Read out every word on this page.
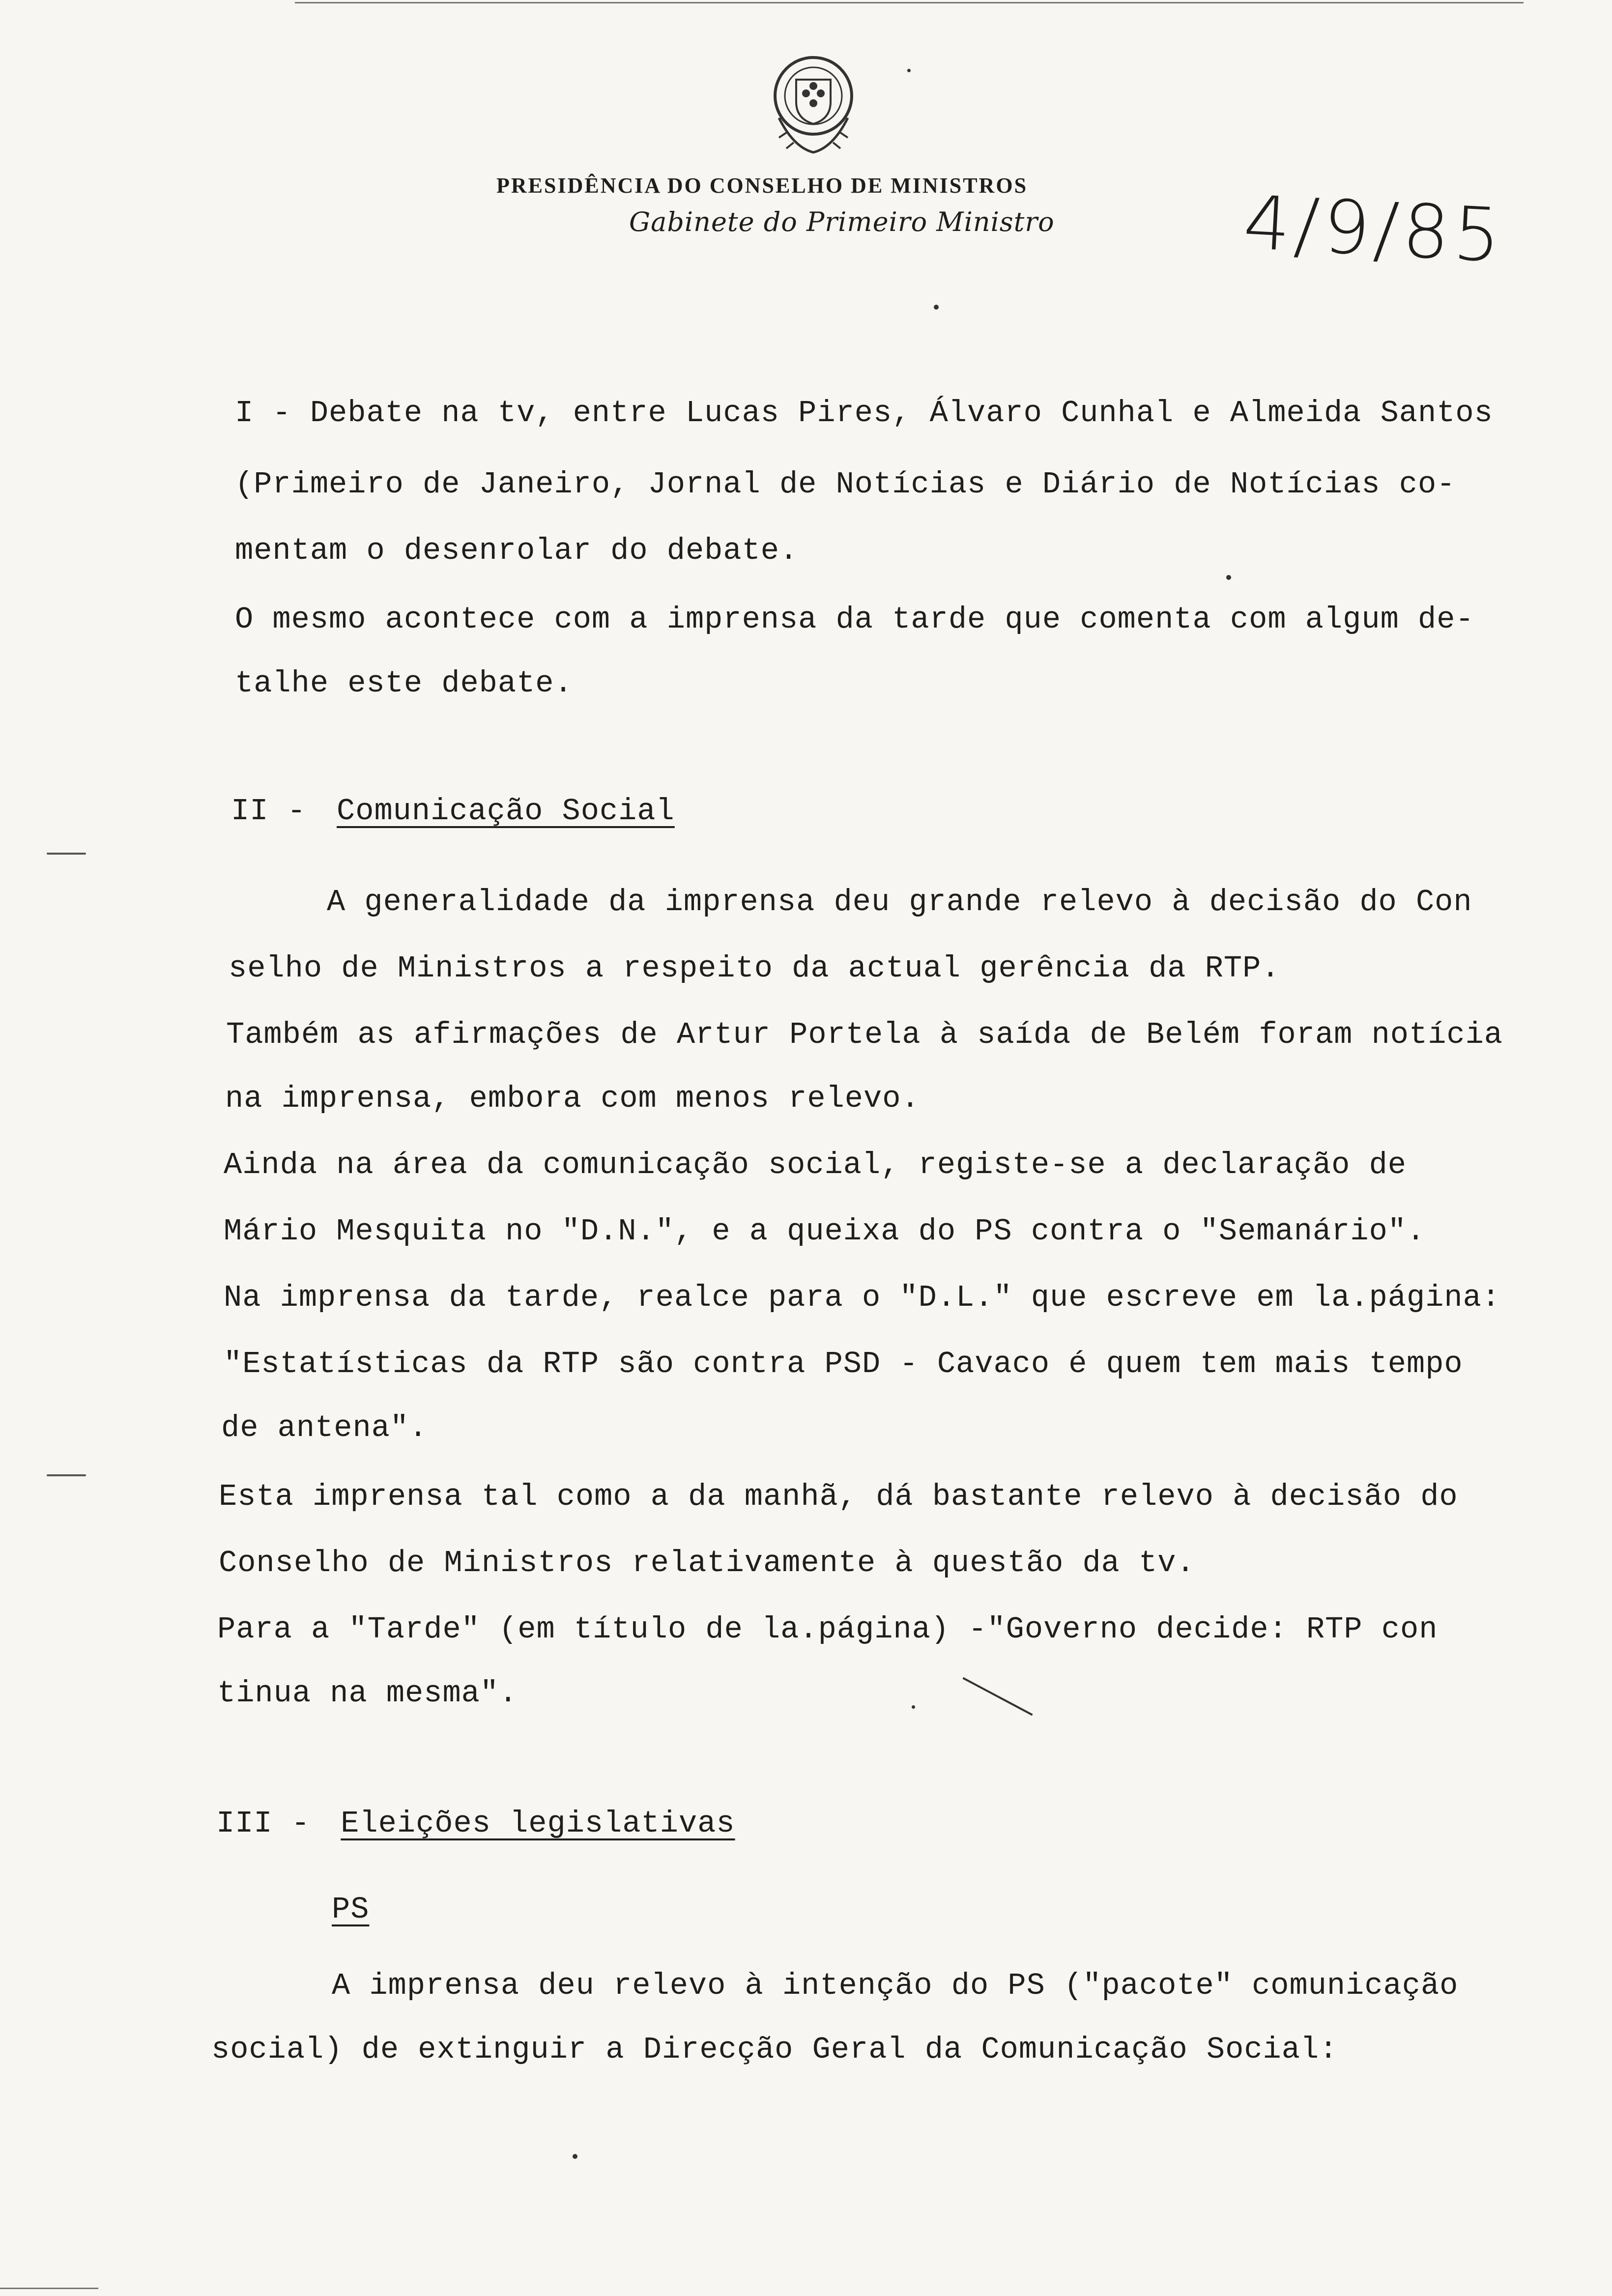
PRESIDÊNCIA DO CONSELHO DE MINISTROS
Gabinete do Primeiro Ministro	4/9/85
I - Debate na tv, entre Lucas Pires, Álvaro Cunhal e Almeida Santos
(Primeiro de Janeiro, Jornal de Notícias e Diário de Notícias co-
mentam o desenrolar do debate.
O mesmo acontece com a imprensa da tarde que comenta com algum de-
talhe este debate.
II - Comunicação Social
A generalidade da imprensa deu grande relevo à decisão do Con
selho de Ministros a respeito da actual gerência da RTP.
Também as afirmações de Artur Portela à saída de Belém foram notícia
na imprensa, embora com menos relevo.
Ainda na área da comunicação social, registe-se a declaração de
Mário Mesquita no "D.N.", e a queixa do PS contra o "Semanário".
Na imprensa da tarde, realce para o "D.L." que escreve em la.página:
"Estatísticas da RTP são contra PSD - Cavaco é quem tem mais tempo
de antena".
Esta imprensa tal como a da manhã, dá bastante relevo à decisão do
Conselho de Ministros relativamente à questão da tv.
Para a "Tarde" (em título de la.página) -"Governo decide: RTP con
tinua na mesma".
III - Eleições legislativas
PS
A imprensa deu relevo à intenção do PS ("pacote" comunicação
social) de extinguir a Direcção Geral da Comunicação Social:
